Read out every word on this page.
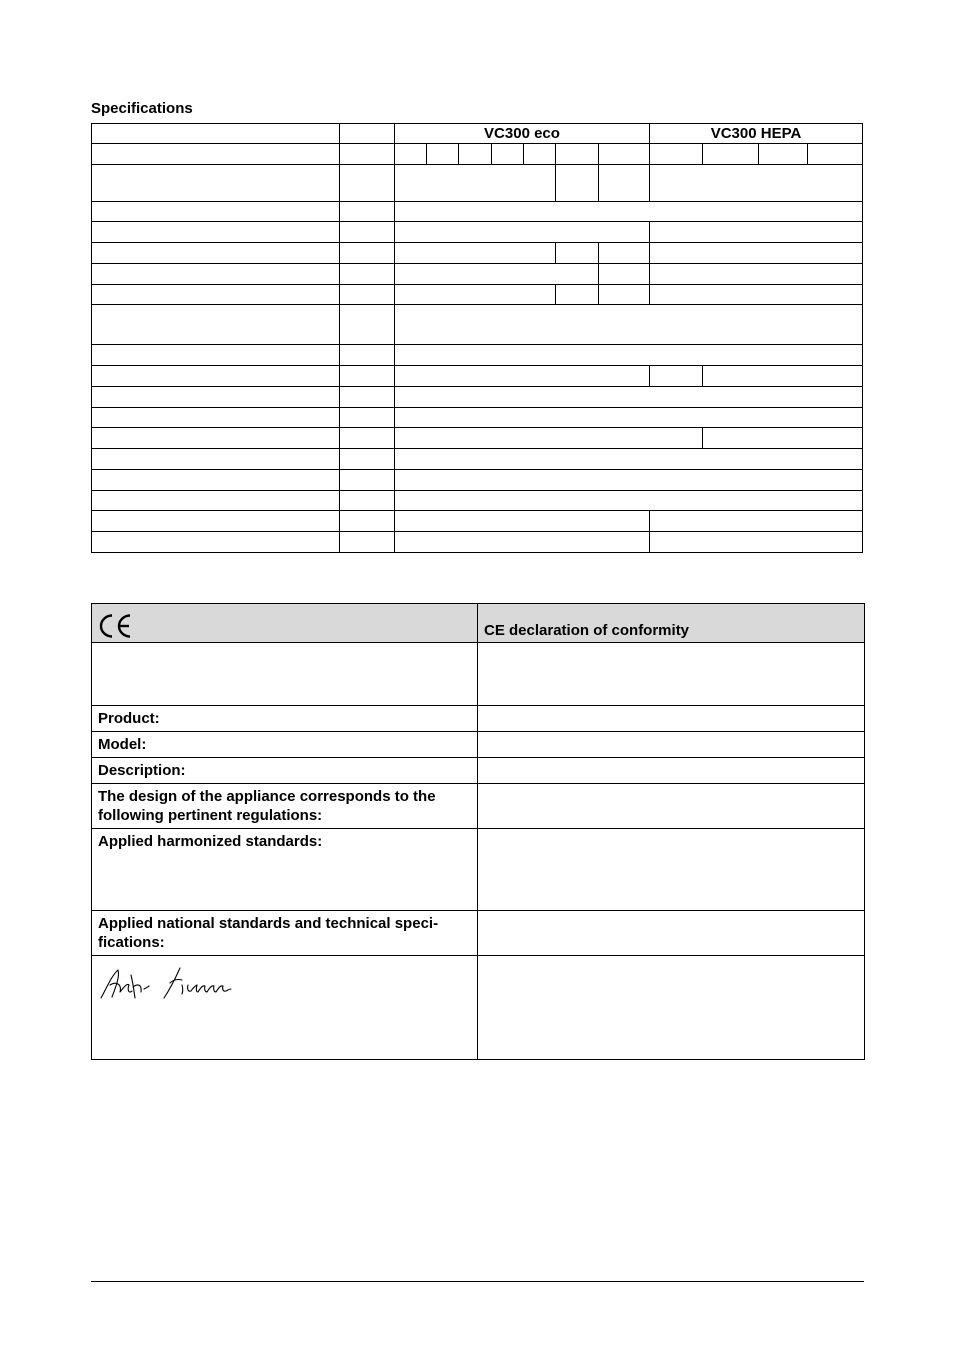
Specifications
VC300 eco	VC300 HEPA
	CE declaration of conformity

Product:	
Model:	
Description:	
The design of the appliance corresponds to the following pertinent regulations:	
Applied harmonized standards:	
Applied national standards and technical speci-fications:	
